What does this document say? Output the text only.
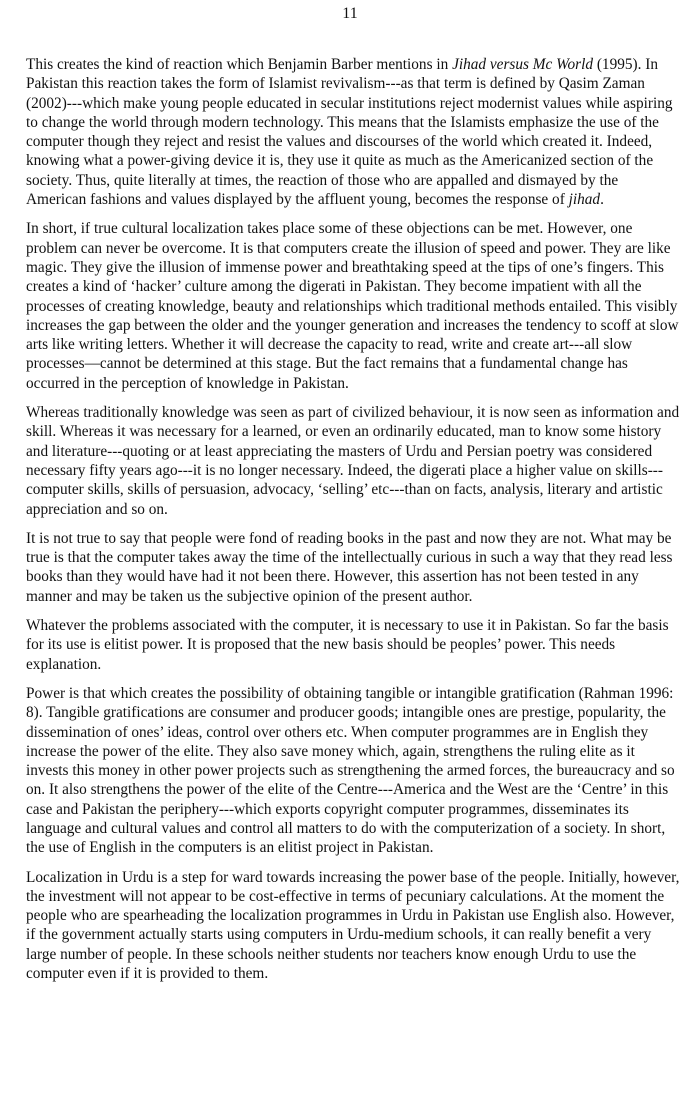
11

This creates the kind of reaction which Benjamin Barber mentions in Jihad versus Mc World (1995). In Pakistan this reaction takes the form of Islamist revivalism---as that term is defined by Qasim Zaman (2002)---which make young people educated in secular institutions reject modernist values while aspiring to change the world through modern technology. This means that the Islamists emphasize the use of the computer though they reject and resist the values and discourses of the world which created it. Indeed, knowing what a power-giving device it is, they use it quite as much as the Americanized section of the society. Thus, quite literally at times, the reaction of those who are appalled and dismayed by the American fashions and values displayed by the affluent young, becomes the response of jihad.

In short, if true cultural localization takes place some of these objections can be met. However, one problem can never be overcome. It is that computers create the illusion of speed and power. They are like magic. They give the illusion of immense power and breathtaking speed at the tips of one’s fingers. This creates a kind of ‘hacker’ culture among the digerati in Pakistan. They become impatient with all the processes of creating knowledge, beauty and relationships which traditional methods entailed. This visibly increases the gap between the older and the younger generation and increases the tendency to scoff at slow arts like writing letters. Whether it will decrease the capacity to read, write and create art---all slow processes—cannot be determined at this stage. But the fact remains that a fundamental change has occurred in the perception of knowledge in Pakistan.

Whereas traditionally knowledge was seen as part of civilized behaviour, it is now seen as information and skill. Whereas it was necessary for a learned, or even an ordinarily educated, man to know some history and literature---quoting or at least appreciating the masters of Urdu and Persian poetry was considered necessary fifty years ago---it is no longer necessary. Indeed, the digerati place a higher value on skills---computer skills, skills of persuasion, advocacy, ‘selling’ etc---than on facts, analysis, literary and artistic appreciation and so on.

It is not true to say that people were fond of reading books in the past and now they are not. What may be true is that the computer takes away the time of the intellectually curious in such a way that they read less books than they would have had it not been there. However, this assertion has not been tested in any manner and may be taken us the subjective opinion of the present author.

Whatever the problems associated with the computer, it is necessary to use it in Pakistan. So far the basis for its use is elitist power. It is proposed that the new basis should be peoples’ power. This needs explanation.

Power is that which creates the possibility of obtaining tangible or intangible gratification (Rahman 1996: 8). Tangible gratifications are consumer and producer goods; intangible ones are prestige, popularity, the dissemination of ones’ ideas, control over others etc. When computer programmes are in English they increase the power of the elite. They also save money which, again, strengthens the ruling elite as it invests this money in other power projects such as strengthening the armed forces, the bureaucracy and so on. It also strengthens the power of the elite of the Centre---America and the West are the ‘Centre’ in this case and Pakistan the periphery---which exports copyright computer programmes, disseminates its language and cultural values and control all matters to do with the computerization of a society. In short, the use of English in the computers is an elitist project in Pakistan.

Localization in Urdu is a step for ward towards increasing the power base of the people. Initially, however, the investment will not appear to be cost-effective in terms of pecuniary calculations. At the moment the people who are spearheading the localization programmes in Urdu in Pakistan use English also. However, if the government actually starts using computers in Urdu-medium schools, it can really benefit a very large number of people. In these schools neither students nor teachers know enough Urdu to use the computer even if it is provided to them.
